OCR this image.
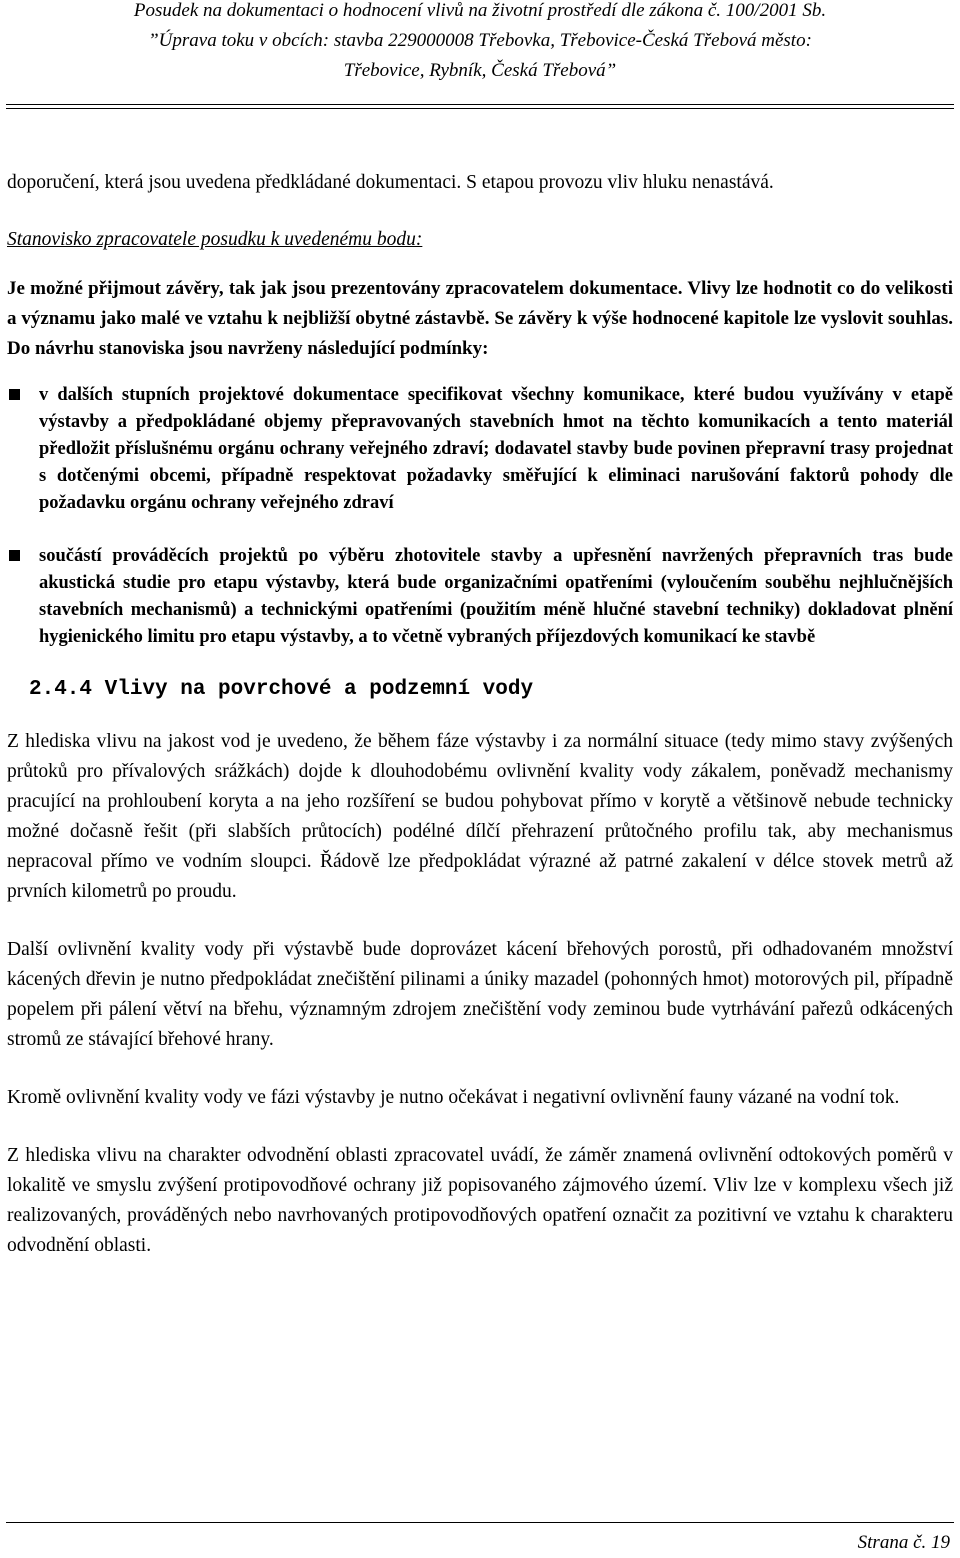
Posudek na dokumentaci o hodnocení vlivů na životní prostředí dle zákona č. 100/2001 Sb.
”Úprava toku v obcích: stavba 229000008 Třebovka, Třebovice-Česká Třebová město:
Třebovice, Rybník, Česká Třebová”

doporučení, která jsou uvedena předkládané dokumentaci. S etapou provozu vliv hluku nenastává.

Stanovisko zpracovatele posudku k uvedenému bodu:

Je možné přijmout závěry, tak jak jsou prezentovány zpracovatelem dokumentace. Vlivy lze hodnotit co do velikosti a významu jako malé ve vztahu k nejbližší obytné zástavbě. Se závěry k výše hodnocené kapitole lze vyslovit souhlas. Do návrhu stanoviska jsou navrženy následující podmínky:

v dalších stupních projektové dokumentace specifikovat všechny komunikace, které budou využívány v etapě výstavby a předpokládané objemy přepravovaných stavebních hmot na těchto komunikacích a tento materiál předložit příslušnému orgánu ochrany veřejného zdraví; dodavatel stavby bude povinen přepravní trasy projednat s dotčenými obcemi, případně respektovat požadavky směřující k eliminaci narušování faktorů pohody dle požadavku orgánu ochrany veřejného zdraví

součástí prováděcích projektů po výběru zhotovitele stavby a upřesnění navržených přepravních tras bude akustická studie pro etapu výstavby, která bude organizačními opatřeními (vyloučením souběhu nejhlučnějších stavebních mechanismů) a technickými opatřeními (použitím méně hlučné stavební techniky) dokladovat plnění hygienického limitu pro etapu výstavby, a to včetně vybraných příjezdových komunikací ke stavbě

2.4.4 Vlivy na povrchové a podzemní vody

Z hlediska vlivu na jakost vod je uvedeno, že během fáze výstavby i za normální situace (tedy mimo stavy zvýšených průtoků pro přívalových srážkách) dojde k dlouhodobému ovlivnění kvality vody zákalem, poněvadž mechanismy pracující na prohloubení koryta a na jeho rozšíření se budou pohybovat přímo v korytě a většinově nebude technicky možné dočasně řešit (při slabších průtocích) podélné dílčí přehrazení průtočného profilu tak, aby mechanismus nepracoval přímo ve vodním sloupci. Řádově lze předpokládat výrazné až patrné zakalení v délce stovek metrů až prvních kilometrů po proudu.

Další ovlivnění kvality vody při výstavbě bude doprovázet kácení břehových porostů, při odhadovaném množství kácených dřevin je nutno předpokládat znečištění pilinami a úniky mazadel (pohonných hmot) motorových pil, případně popelem při pálení větví na břehu, významným zdrojem znečištění vody zeminou bude vytrhávání pařezů odkácených stromů ze stávající břehové hrany.

Kromě ovlivnění kvality vody ve fázi výstavby je nutno očekávat i negativní ovlivnění fauny vázané na vodní tok.

Z hlediska vlivu na charakter odvodnění oblasti zpracovatel uvádí, že záměr znamená ovlivnění odtokových poměrů v lokalitě ve smyslu zvýšení protipovodňové ochrany již popisovaného zájmového území. Vliv lze v komplexu všech již realizovaných, prováděných nebo navrhovaných protipovodňových opatření označit za pozitivní ve vztahu k charakteru odvodnění oblasti.

Strana č. 19
